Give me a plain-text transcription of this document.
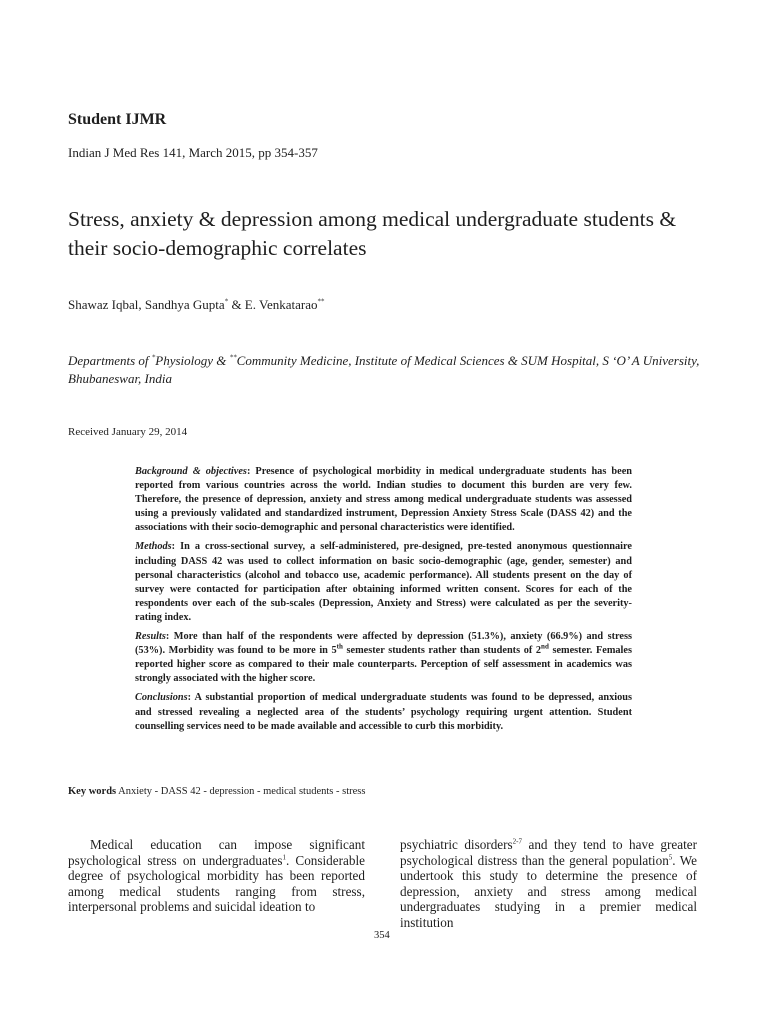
Student IJMR
Indian J Med Res 141, March 2015, pp 354-357
Stress, anxiety & depression among medical undergraduate students & their socio-demographic correlates
Shawaz Iqbal, Sandhya Gupta* & E. Venkatarao**
Departments of *Physiology & **Community Medicine, Institute of Medical Sciences & SUM Hospital, S ‘O’ A University, Bhubaneswar, India
Received January 29, 2014

Background & objectives: Presence of psychological morbidity in medical undergraduate students has been reported from various countries across the world. Indian studies to document this burden are very few. Therefore, the presence of depression, anxiety and stress among medical undergraduate students was assessed using a previously validated and standardized instrument, Depression Anxiety Stress Scale (DASS 42) and the associations with their socio-demographic and personal characteristics were identified.

Methods: In a cross-sectional survey, a self-administered, pre-designed, pre-tested anonymous questionnaire including DASS 42 was used to collect information on basic socio-demographic (age, gender, semester) and personal characteristics (alcohol and tobacco use, academic performance). All students present on the day of survey were contacted for participation after obtaining informed written consent. Scores for each of the respondents over each of the sub-scales (Depression, Anxiety and Stress) were calculated as per the severity-rating index.

Results: More than half of the respondents were affected by depression (51.3%), anxiety (66.9%) and stress (53%). Morbidity was found to be more in 5th semester students rather than students of 2nd semester. Females reported higher score as compared to their male counterparts. Perception of self assessment in academics was strongly associated with the higher score.

Conclusions: A substantial proportion of medical undergraduate students was found to be depressed, anxious and stressed revealing a neglected area of the students’ psychology requiring urgent attention. Student counselling services need to be made available and accessible to curb this morbidity.

Key words Anxiety - DASS 42 - depression - medical students - stress

Medical education can impose significant psychological stress on undergraduates$^1$. Considerable degree of psychological morbidity has been reported among medical students ranging from stress, interpersonal problems and suicidal ideation to

psychiatric disorders$^{2-7}$ and they tend to have greater psychological distress than the general population$^5$. We undertook this study to determine the presence of depression, anxiety and stress among medical undergraduates studying in a premier medical institution

354
